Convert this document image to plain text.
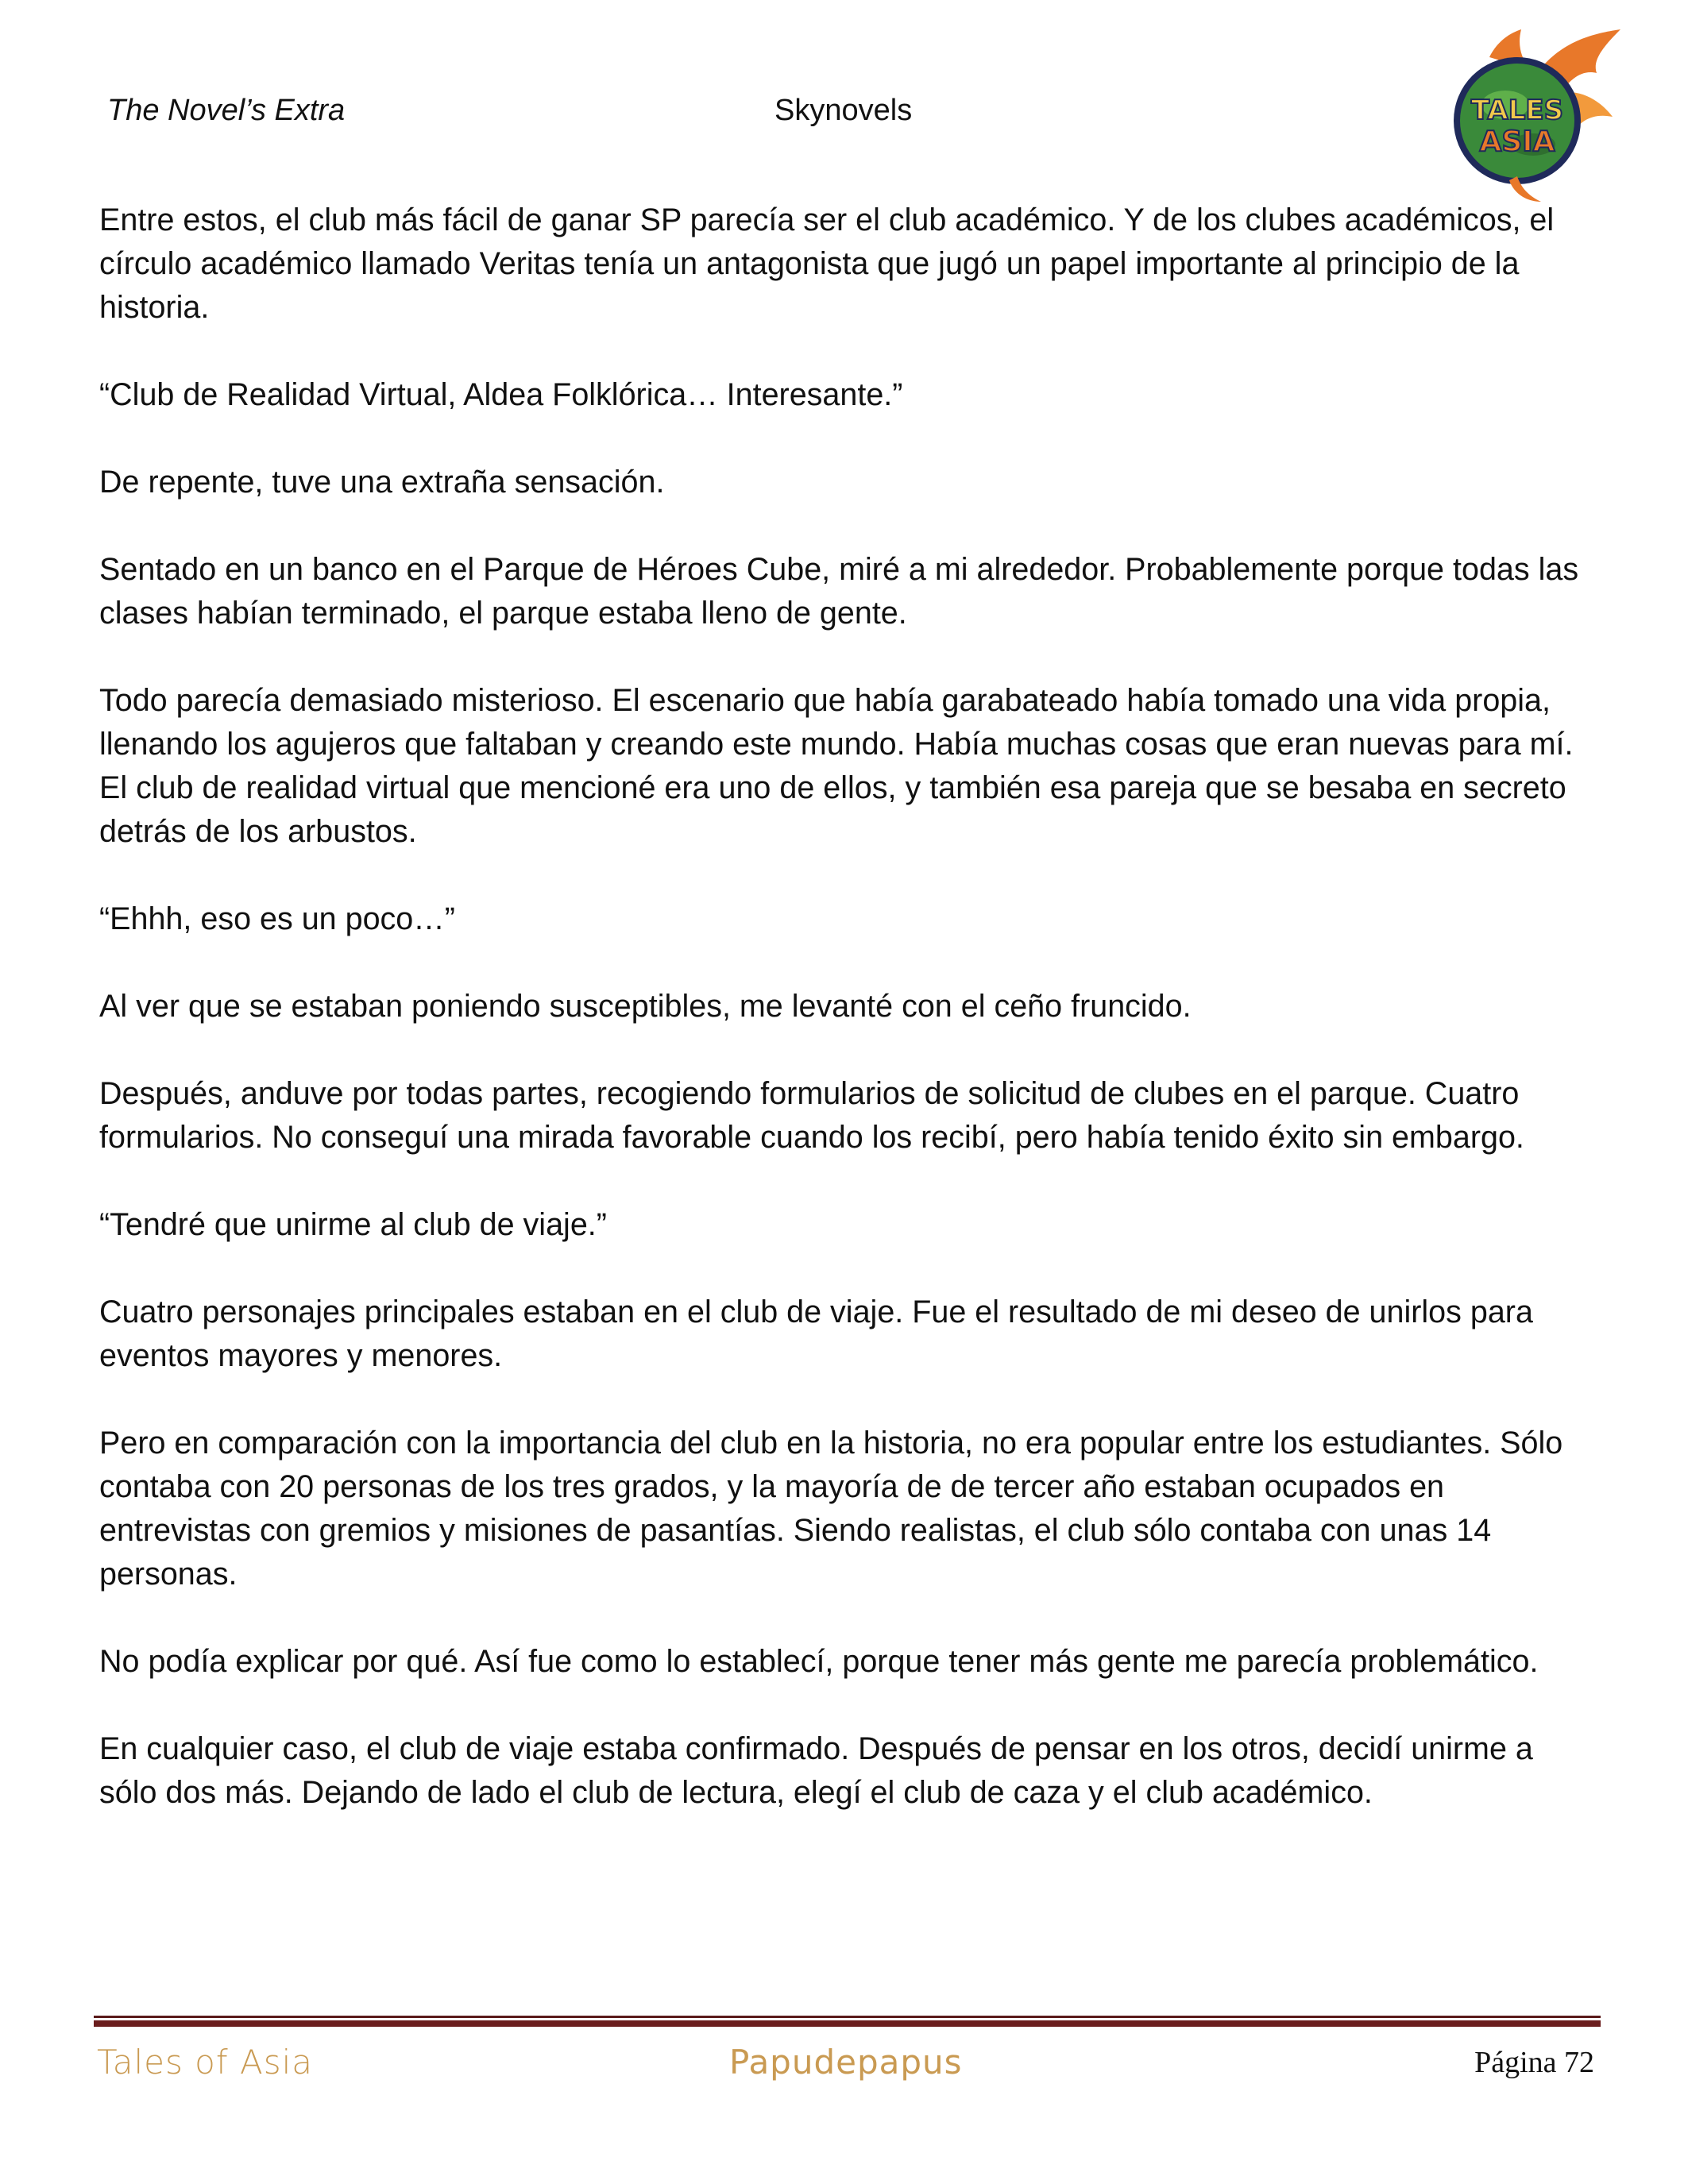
The Novel’s Extra	Skynovels	TALES
ASIA

Entre estos, el club más fácil de ganar SP parecía ser el club académico. Y de los clubes académicos, el círculo académico llamado Veritas tenía un antagonista que jugó un papel importante al principio de la historia.

“Club de Realidad Virtual, Aldea Folklórica… Interesante.”

De repente, tuve una extraña sensación.

Sentado en un banco en el Parque de Héroes Cube, miré a mi alrededor. Probablemente porque todas las clases habían terminado, el parque estaba lleno de gente.

Todo parecía demasiado misterioso. El escenario que había garabateado había tomado una vida propia, llenando los agujeros que faltaban y creando este mundo. Había muchas cosas que eran nuevas para mí. El club de realidad virtual que mencioné era uno de ellos, y también esa pareja que se besaba en secreto detrás de los arbustos.

“Ehhh, eso es un poco…”

Al ver que se estaban poniendo susceptibles, me levanté con el ceño fruncido.

Después, anduve por todas partes, recogiendo formularios de solicitud de clubes en el parque. Cuatro formularios. No conseguí una mirada favorable cuando los recibí, pero había tenido éxito sin embargo.

“Tendré que unirme al club de viaje.”

Cuatro personajes principales estaban en el club de viaje. Fue el resultado de mi deseo de unirlos para eventos mayores y menores.

Pero en comparación con la importancia del club en la historia, no era popular entre los estudiantes. Sólo contaba con 20 personas de los tres grados, y la mayoría de de tercer año estaban ocupados en entrevistas con gremios y misiones de pasantías. Siendo realistas, el club sólo contaba con unas 14 personas.

No podía explicar por qué. Así fue como lo establecí, porque tener más gente me parecía problemático.

En cualquier caso, el club de viaje estaba confirmado. Después de pensar en los otros, decidí unirme a sólo dos más. Dejando de lado el club de lectura, elegí el club de caza y el club académico.

Tales of Asia	Papudepapus	Página 72
